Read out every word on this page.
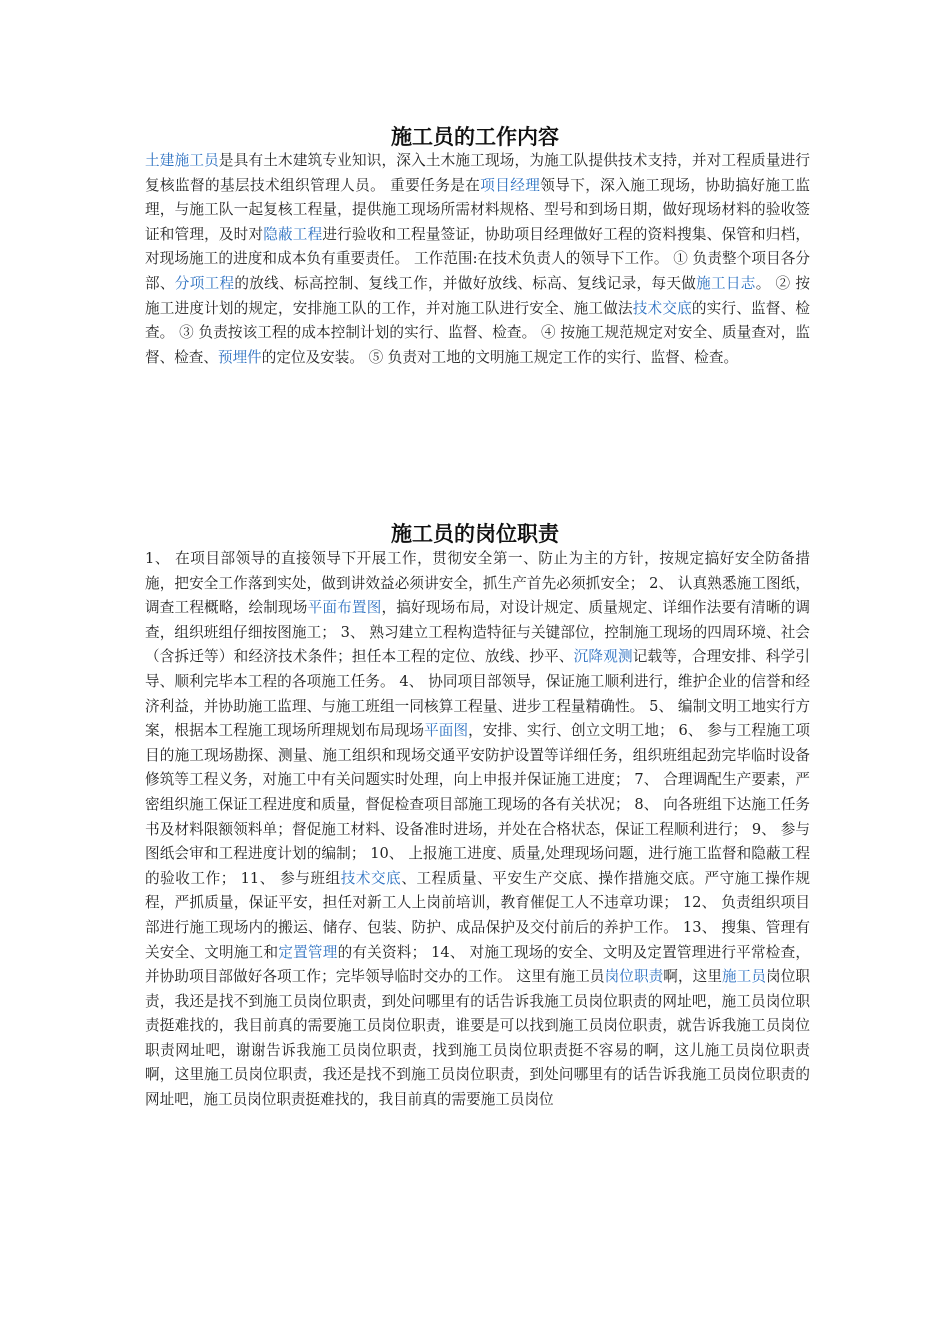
施工员的工作内容

土建施工员是具有土木建筑专业知识，深入土木施工现场，为施工队提供技术支持，并对工程质量进行复核监督的基层技术组织管理人员。 重要任务是在项目经理领导下，深入施工现场，协助搞好施工监理，与施工队一起复核工程量，提供施工现场所需材料规格、型号和到场日期，做好现场材料的验收签证和管理，及时对隐蔽工程进行验收和工程量签证，协助项目经理做好工程的资料搜集、保管和归档，对现场施工的进度和成本负有重要责任。 工作范围:在技术负责人的领导下工作。 ① 负责整个项目各分部、分项工程的放线、标高控制、复线工作，并做好放线、标高、复线记录，每天做施工日志。 ② 按施工进度计划的规定，安排施工队的工作，并对施工队进行安全、施工做法技术交底的实行、监督、检查。 ③ 负责按该工程的成本控制计划的实行、监督、检查。 ④ 按施工规范规定对安全、质量查对，监督、检查、预埋件的定位及安装。 ⑤ 负责对工地的文明施工规定工作的实行、监督、检查。

施工员的岗位职责

1、 在项目部领导的直接领导下开展工作，贯彻安全第一、防止为主的方针，按规定搞好安全防备措施，把安全工作落到实处，做到讲效益必须讲安全，抓生产首先必须抓安全； 2、 认真熟悉施工图纸，调查工程概略，绘制现场平面布置图，搞好现场布局，对设计规定、质量规定、详细作法要有清晰的调查，组织班组仔细按图施工； 3、 熟习建立工程构造特征与关键部位，控制施工现场的四周环境、社会（含拆迁等）和经济技术条件；担任本工程的定位、放线、抄平、沉降观测记载等，合理安排、科学引导、顺利完毕本工程的各项施工任务。 4、 协同项目部领导，保证施工顺利进行，维护企业的信誉和经济利益，并协助施工监理、与施工班组一同核算工程量、进步工程量精确性。 5、 编制文明工地实行方案，根据本工程施工现场所理规划布局现场平面图，安排、实行、创立文明工地； 6、 参与工程施工项目的施工现场勘探、测量、施工组织和现场交通平安防护设置等详细任务，组织班组起劲完毕临时设备修筑等工程义务，对施工中有关问题实时处理，向上申报并保证施工进度； 7、 合理调配生产要素，严密组织施工保证工程进度和质量，督促检查项目部施工现场的各有关状况； 8、 向各班组下达施工任务书及材料限额领料单；督促施工材料、设备准时进场，并处在合格状态，保证工程顺利进行； 9、 参与图纸会审和工程进度计划的编制； 10、 上报施工进度、质量,处理现场问题，进行施工监督和隐蔽工程的验收工作； 11、 参与班组技术交底、工程质量、平安生产交底、操作措施交底。严守施工操作规程，严抓质量，保证平安，担任对新工人上岗前培训，教育催促工人不违章功课； 12、 负责组织项目部进行施工现场内的搬运、储存、包装、防护、成品保护及交付前后的养护工作。 13、 搜集、管理有关安全、文明施工和定置管理的有关资料； 14、 对施工现场的安全、文明及定置管理进行平常检查，并协助项目部做好各项工作；完毕领导临时交办的工作。 这里有施工员岗位职责啊，这里施工员岗位职责，我还是找不到施工员岗位职责，到处问哪里有的话告诉我施工员岗位职责的网址吧，施工员岗位职责挺难找的，我目前真的需要施工员岗位职责，谁要是可以找到施工员岗位职责，就告诉我施工员岗位职责网址吧，谢谢告诉我施工员岗位职责，找到施工员岗位职责挺不容易的啊，这儿施工员岗位职责啊，这里施工员岗位职责，我还是找不到施工员岗位职责，到处问哪里有的话告诉我施工员岗位职责的网址吧，施工员岗位职责挺难找的，我目前真的需要施工员岗位
